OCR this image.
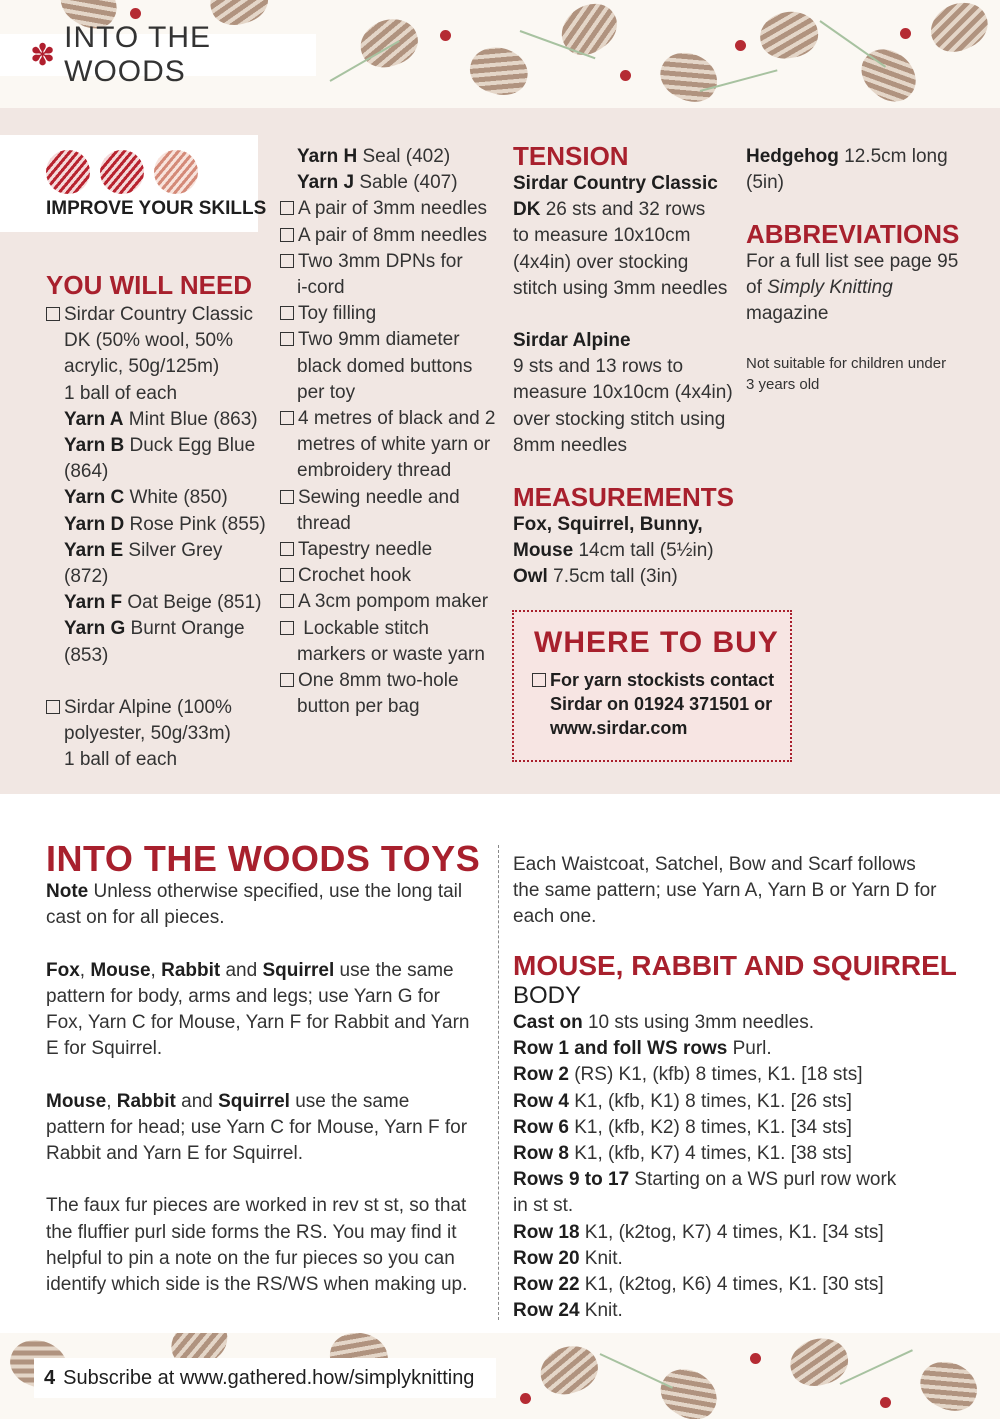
✽
INTO THE WOODS
IMPROVE YOUR SKILLS
YOU WILL NEED
Sirdar Country Classic
DK (50% wool, 50%
acrylic, 50g/125m)
1 ball of each
Yarn A Mint Blue (863)
Yarn B Duck Egg Blue
(864)
Yarn C White (850)
Yarn D Rose Pink (855)
Yarn E Silver Grey
(872)
Yarn F Oat Beige (851)
Yarn G Burnt Orange
(853)
Sirdar Alpine (100%
polyester, 50g/33m)
1 ball of each
Yarn H Seal (402)
Yarn J Sable (407)
A pair of 3mm needles
A pair of 8mm needles
Two 3mm DPNs for
i-cord
Toy filling
Two 9mm diameter
black domed buttons
per toy
4 metres of black and 2
metres of white yarn or
embroidery thread
Sewing needle and
thread
Tapestry needle
Crochet hook
A 3cm pompom maker
Lockable stitch
markers or waste yarn
One 8mm two-hole
button per bag
TENSION
Sirdar Country Classic
DK 26 sts and 32 rows
to measure 10x10cm
(4x4in) over stocking
stitch using 3mm needles
Sirdar Alpine
9 sts and 13 rows to
measure 10x10cm (4x4in)
over stocking stitch using
8mm needles
MEASUREMENTS
Fox, Squirrel, Bunny,
Mouse 14cm tall (5½in)
Owl 7.5cm tall (3in)
Hedgehog 12.5cm long
(5in)
ABBREVIATIONS
For a full list see page 95
of Simply Knitting
magazine
Not suitable for children under
3 years old
WHERE TO BUY
For yarn stockists contact
Sirdar on 01924 371501 or
www.sirdar.com
INTO THE WOODS TOYS
Note Unless otherwise specified, use the long tail
cast on for all pieces.
Fox, Mouse, Rabbit and Squirrel use the same
pattern for body, arms and legs; use Yarn G for
Fox, Yarn C for Mouse, Yarn F for Rabbit and Yarn
E for Squirrel.
Mouse, Rabbit and Squirrel use the same
pattern for head; use Yarn C for Mouse, Yarn F for
Rabbit and Yarn E for Squirrel.
The faux fur pieces are worked in rev st st, so that
the fluffier purl side forms the RS. You may find it
helpful to pin a note on the fur pieces so you can
identify which side is the RS/WS when making up.
Each Waistcoat, Satchel, Bow and Scarf follows
the same pattern; use Yarn A, Yarn B or Yarn D for
each one.
MOUSE, RABBIT AND SQUIRREL
BODY
Cast on 10 sts using 3mm needles.
Row 1 and foll WS rows Purl.
Row 2 (RS) K1, (kfb) 8 times, K1. [18 sts]
Row 4 K1, (kfb, K1) 8 times, K1. [26 sts]
Row 6 K1, (kfb, K2) 8 times, K1. [34 sts]
Row 8 K1, (kfb, K7) 4 times, K1. [38 sts]
Rows 9 to 17 Starting on a WS purl row work
in st st.
Row 18 K1, (k2tog, K7) 4 times, K1. [34 sts]
Row 20 Knit.
Row 22 K1, (k2tog, K6) 4 times, K1. [30 sts]
Row 24 Knit.
4 Subscribe at www.gathered.how/simplyknitting
